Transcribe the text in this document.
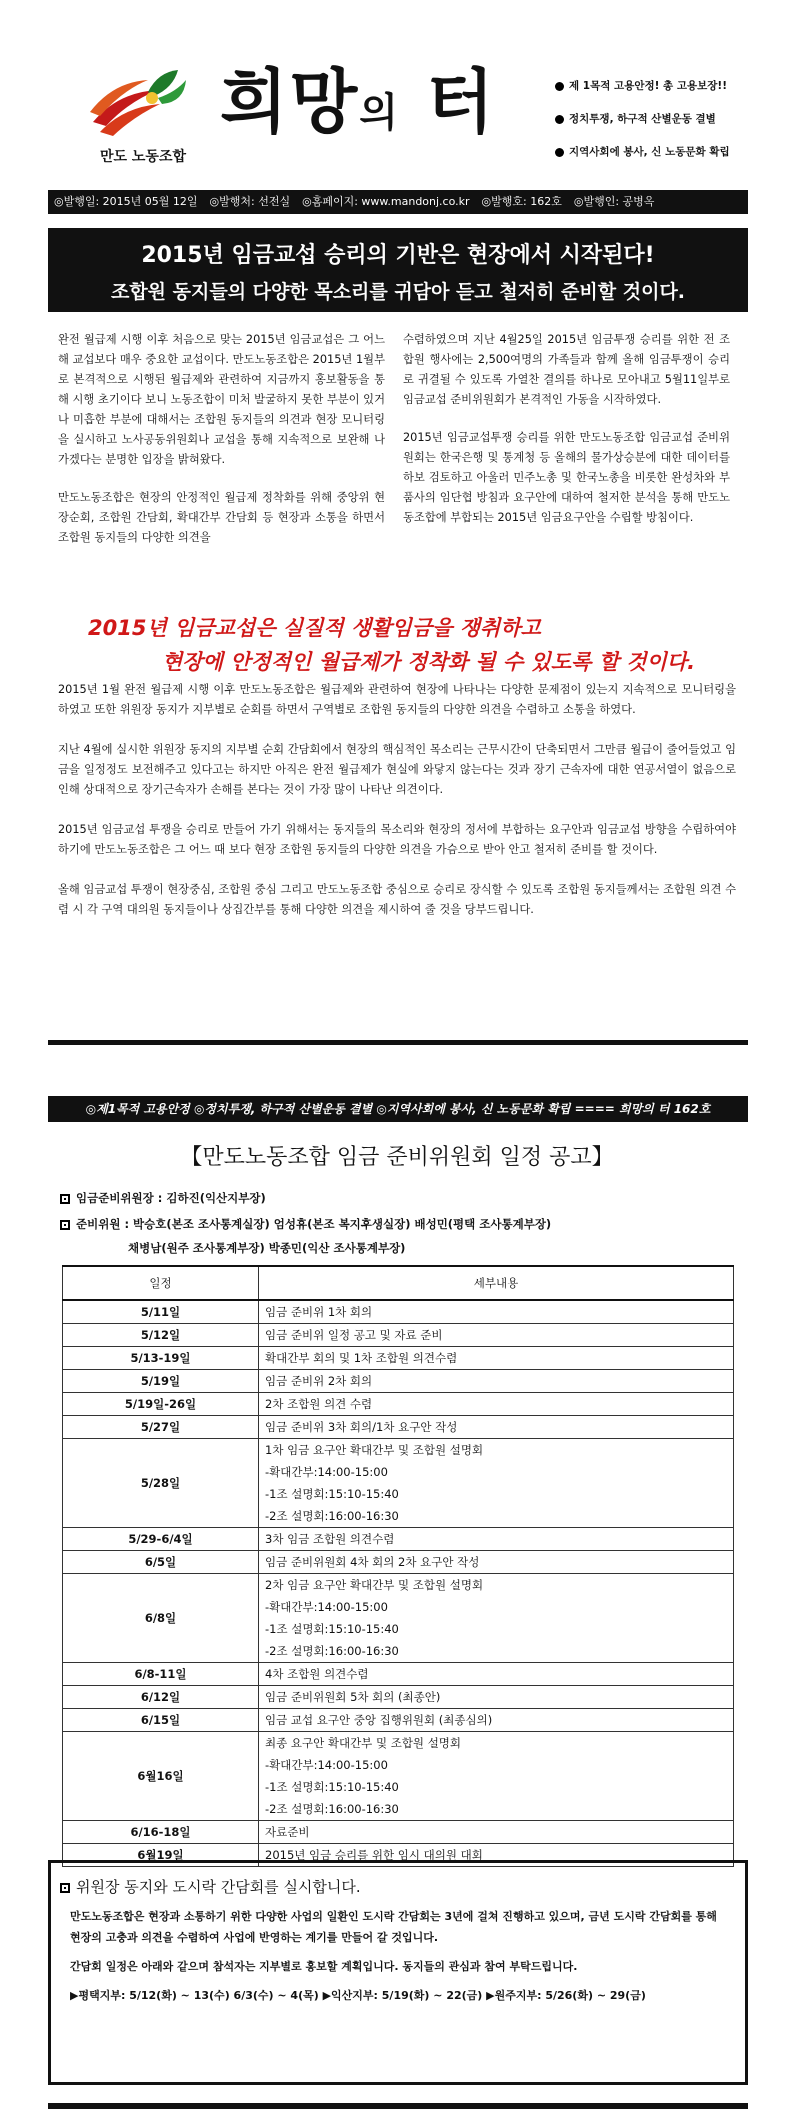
만도 노동조합
희망의 터	제 1목적 고용안정! 총 고용보장!!
정치투쟁, 하구적 산별운동 결별
지역사회에 봉사, 신 노동문화 확립
◎발행일: 2015년 05월 12일 ◎발행처: 선전실 ◎홈페이지: www.mandonj.co.kr ◎발행호: 162호 ◎발행인: 공병옥
2015년 임금교섭 승리의 기반은 현장에서 시작된다!
조합원 동지들의 다양한 목소리를 귀담아 듣고 철저히 준비할 것이다.

완전 월급제 시행 이후 처음으로 맞는 2015년 임금교섭은 그 어느해 교섭보다 매우 중요한 교섭이다. 만도노동조합은 2015년 1월부로 본격적으로 시행된 월급제와 관련하여 지금까지 홍보활동을 통해 시행 초기이다 보니 노동조합이 미처 발굴하지 못한 부분이 있거나 미흡한 부분에 대해서는 조합원 동지들의 의견과 현장 모니터링을 실시하고 노사공동위원회나 교섭을 통해 지속적으로 보완해 나가겠다는 분명한 입장을 밝혀왔다.

만도노동조합은 현장의 안정적인 월급제 정착화를 위해 중앙위 현장순회, 조합원 간담회, 확대간부 간담회 등 현장과 소통을 하면서 조합원 동지들의 다양한 의견을

수렴하였으며 지난 4월25일 2015년 임금투쟁 승리를 위한 전 조합원 행사에는 2,500여명의 가족들과 함께 올해 임금투쟁이 승리로 귀결될 수 있도록 가열찬 결의를 하나로 모아내고 5월11일부로 임금교섭 준비위원회가 본격적인 가동을 시작하였다.

2015년 임금교섭투쟁 승리를 위한 만도노동조합 임금교섭 준비위원회는 한국은행 및 통계청 등 올해의 물가상승분에 대한 데이터를 하보 검토하고 아울러 민주노총 및 한국노총을 비롯한 완성차와 부품사의 임단협 방침과 요구안에 대하여 철저한 분석을 통해 만도노동조합에 부합되는 2015년 임금요구안을 수립할 방침이다.

2015년 임금교섭은 실질적 생활임금을 쟁취하고
현장에 안정적인 월급제가 정착화 될 수 있도록 할 것이다.

2015년 1월 완전 월급제 시행 이후 만도노동조합은 월급제와 관련하여 현장에 나타나는 다양한 문제점이 있는지 지속적으로 모니터링을 하였고 또한 위원장 동지가 지부별로 순회를 하면서 구역별로 조합원 동지들의 다양한 의견을 수렴하고 소통을 하였다.

지난 4월에 실시한 위원장 동지의 지부별 순회 간담회에서 현장의 핵심적인 목소리는 근무시간이 단축되면서 그만큼 월급이 줄어들었고 임금을 일정정도 보전해주고 있다고는 하지만 아직은 완전 월급제가 현실에 와닿지 않는다는 것과 장기 근속자에 대한 연공서열이 없음으로 인해 상대적으로 장기근속자가 손해를 본다는 것이 가장 많이 나타난 의견이다.

2015년 임금교섭 투쟁을 승리로 만들어 가기 위해서는 동지들의 목소리와 현장의 정서에 부합하는 요구안과 임금교섭 방향을 수립하여야 하기에 만도노동조합은 그 어느 때 보다 현장 조합원 동지들의 다양한 의견을 가슴으로 받아 안고 철저히 준비를 할 것이다.

올해 임금교섭 투쟁이 현장중심, 조합원 중심 그리고 만도노동조합 중심으로 승리로 장식할 수 있도록 조합원 동지들께서는 조합원 의견 수렴 시 각 구역 대의원 동지들이나 상집간부를 통해 다양한 의견을 제시하여 줄 것을 당부드립니다.

◎제1목적 고용안정 ◎정치투쟁, 하구적 산별운동 결별 ◎지역사회에 봉사, 신 노동문화 확립 ==== 희망의 터 162호
【만도노동조합 임금 준비위원회 일정 공고】
임금준비위원장 : 김하진(익산지부장)
준비위원 : 박승호(본조 조사통계실장) 엄성휴(본조 복지후생실장) 배성민(평택 조사통계부장)
채병남(원주 조사통계부장) 박종민(익산 조사통계부장)
일정	세부내용
5/11일	임금 준비위 1차 회의

5/12일	임금 준비위 일정 공고 및 자료 준비

5/13-19일	확대간부 회의 및 1차 조합원 의견수렴

5/19일	임금 준비위 2차 회의

5/19일-26일	2차 조합원 의견 수렴

5/27일	임금 준비위 3차 회의/1차 요구안 작성

5/28일	1차 임금 요구안 확대간부 및 조합원 설명회
-확대간부:14:00-15:00
-1조 설명회:15:10-15:40
-2조 설명회:16:00-16:30

5/29-6/4일	3차 임금 조합원 의견수렴

6/5일	임금 준비위원회 4차 회의 2차 요구안 작성

6/8일	2차 임금 요구안 확대간부 및 조합원 설명회
-확대간부:14:00-15:00
-1조 설명회:15:10-15:40
-2조 설명회:16:00-16:30

6/8-11일	4차 조합원 의견수렴

6/12일	임금 준비위원회 5차 회의 (최종안)

6/15일	임금 교섭 요구안 중앙 집행위원회 (최종심의)

6월16일	최종 요구안 확대간부 및 조합원 설명회
-확대간부:14:00-15:00
-1조 설명회:15:10-15:40
-2조 설명회:16:00-16:30

6/16-18일	자료준비

6월19일	2015년 임금 승리를 위한 임시 대의원 대회
위원장 동지와 도시락 간담회를 실시합니다.

만도노동조합은 현장과 소통하기 위한 다양한 사업의 일환인 도시락 간담회는 3년에 걸쳐 진행하고 있으며, 금년 도시락 간담회를 통해 현장의 고충과 의견을 수렴하여 사업에 반영하는 계기를 만들어 갈 것입니다.

간담회 일정은 아래와 같으며 참석자는 지부별로 홍보할 계획입니다. 동지들의 관심과 참여 부탁드립니다.

▶평택지부: 5/12(화) ~ 13(수) 6/3(수) ~ 4(목) ▶익산지부: 5/19(화) ~ 22(금) ▶원주지부: 5/26(화) ~ 29(금)
